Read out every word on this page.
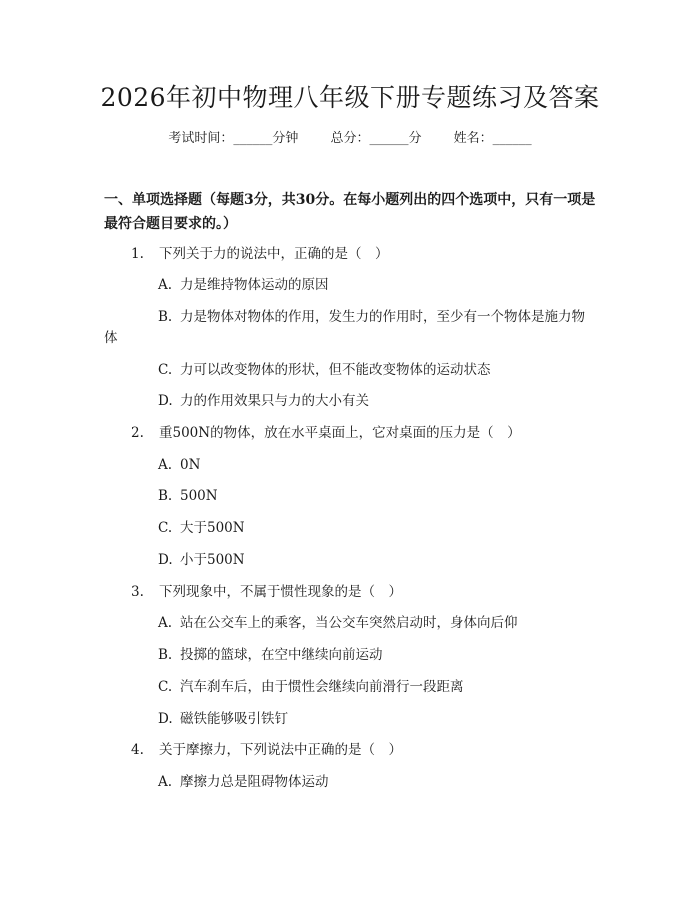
2026年初中物理八年级下册专题练习及答案
考试时间：______分钟 总分：______分 姓名：______
一、单项选择题（每题3分，共30分。在每小题列出的四个选项中，只有一项是最符合题目要求的。）
1. 下列关于力的说法中，正确的是（　）
A. 力是维持物体运动的原因
B. 力是物体对物体的作用，发生力的作用时，至少有一个物体是施力物
体
C. 力可以改变物体的形状，但不能改变物体的运动状态
D. 力的作用效果只与力的大小有关
2. 重500N的物体，放在水平桌面上，它对桌面的压力是（　）
A. 0N
B. 500N
C. 大于500N
D. 小于500N
3. 下列现象中，不属于惯性现象的是（　）
A. 站在公交车上的乘客，当公交车突然启动时，身体向后仰
B. 投掷的篮球，在空中继续向前运动
C. 汽车刹车后，由于惯性会继续向前滑行一段距离
D. 磁铁能够吸引铁钉
4. 关于摩擦力，下列说法中正确的是（　）
A. 摩擦力总是阻碍物体运动
